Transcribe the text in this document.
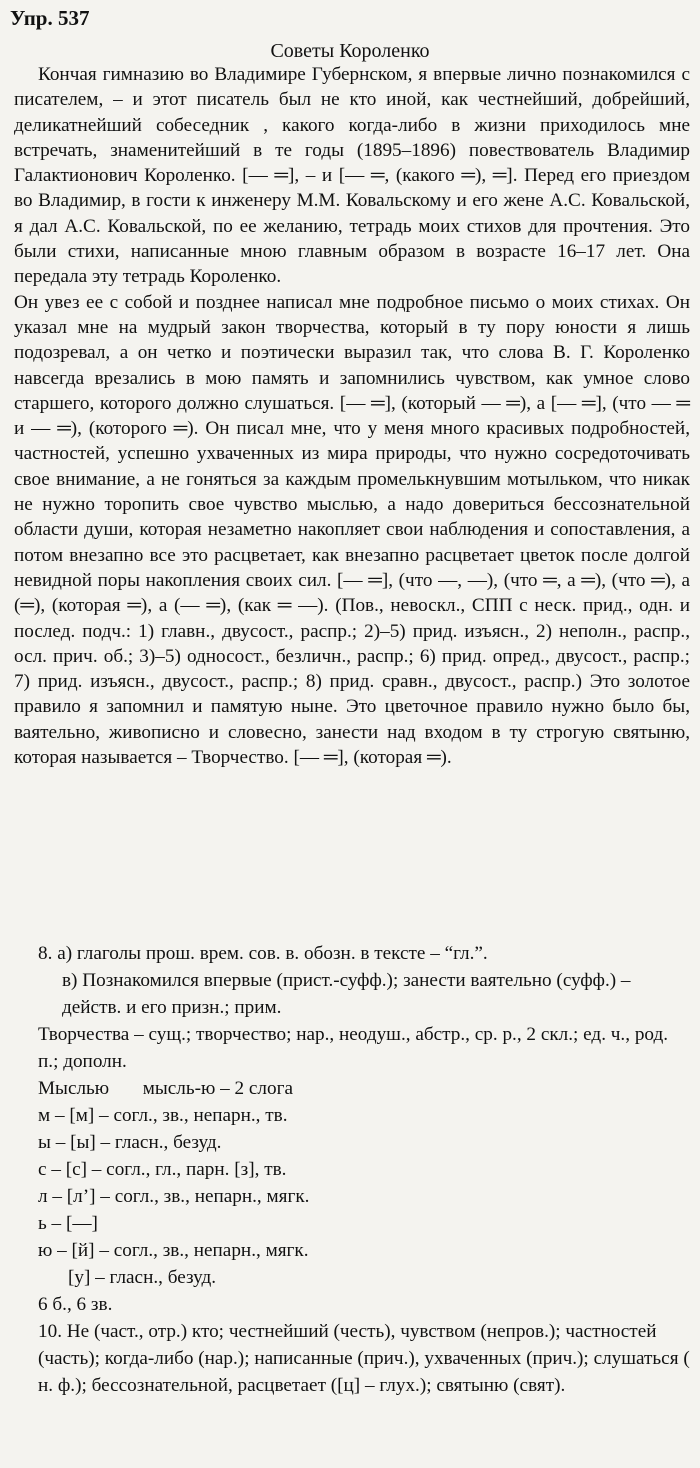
Упр. 537
Советы Короленко

Кончая гимназию во Владимире Губернском, я впервые лично познакомился с писателем, – и этот писатель был не кто иной, как честнейший, добрейший, деликатнейший собеседник , какого когда-либо в жизни приходилось мне встречать, знаменитейший в те годы (1895–1896) повествователь Владимир Галактионович Короленко. [— ═], – и [— ═, (какого ═), ═]. Перед его приездом во Владимир, в гости к инженеру М.М. Ковальскому и его жене А.С. Ковальской, я дал А.С. Ковальской, по ее желанию, тетрадь моих стихов для прочтения. Это были стихи, написанные мною главным образом в возрасте 16–17 лет. Она передала эту тетрадь Короленко.

Он увез ее с собой и позднее написал мне подробное письмо о моих стихах. Он указал мне на мудрый закон творчества, который в ту пору юности я лишь подозревал, а он четко и поэтически выразил так, что слова В. Г. Короленко навсегда врезались в мою память и запомнились чувством, как умное слово старшего, которого должно слушаться. [— ═], (который — ═), а [— ═], (что — ═ и — ═), (которого ═). Он писал мне, что у меня много красивых подробностей, частностей, успешно ухваченных из мира природы, что нужно сосредоточивать свое внимание, а не гоняться за каждым промелькнувшим мотыльком, что никак не нужно торопить свое чувство мыслью, а надо довериться бессознательной области души, которая незаметно накопляет свои наблюдения и сопоставления, а потом внезапно все это расцветает, как внезапно расцветает цветок после долгой невидной поры накопления своих сил. [— ═], (что —, —), (что ═, а ═), (что ═), а (═), (которая ═), а (— ═), (как ═ —). (Пов., невоскл., СПП с неск. прид., одн. и послед. подч.: 1) главн., двусост., распр.; 2)–5) прид. изъясн., 2) неполн., распр., осл. прич. об.; 3)–5) односост., безличн., распр.; 6) прид. опред., двусост., распр.; 7) прид. изъясн., двусост., распр.; 8) прид. сравн., двусост., распр.) Это золотое правило я запомнил и памятую ныне. Это цветочное правило нужно было бы, ваятельно, живописно и словесно, занести над входом в ту строгую святыню, которая называется – Творчество. [— ═], (которая ═).

8. а) глаголы прош. врем. сов. в. обозн. в тексте – “гл.”.

в) Познакомился впервые (прист.-суфф.); занести ваятельно (суфф.) – действ. и его призн.; прим.

Творчества – сущ.; творчество; нар., неодуш., абстр., ср. р., 2 скл.; ед. ч., род. п.; дополн.

Мыслью мысль-ю – 2 слога

м – [м] – согл., зв., непарн., тв.

ы – [ы] – гласн., безуд.

с – [с] – согл., гл., парн. [з], тв.

л – [л’] – согл., зв., непарн., мягк.

ь – [—]

ю – [й] – согл., зв., непарн., мягк.

[у] – гласн., безуд.

6 б., 6 зв.

10. Не (част., отр.) кто; честнейший (честь), чувством (непров.); частностей (часть); когда-либо (нар.); написанные (прич.), ухваченных (прич.); слушаться ( н. ф.); бессознательной, расцветает ([ц] – глух.); святыню (свят).
